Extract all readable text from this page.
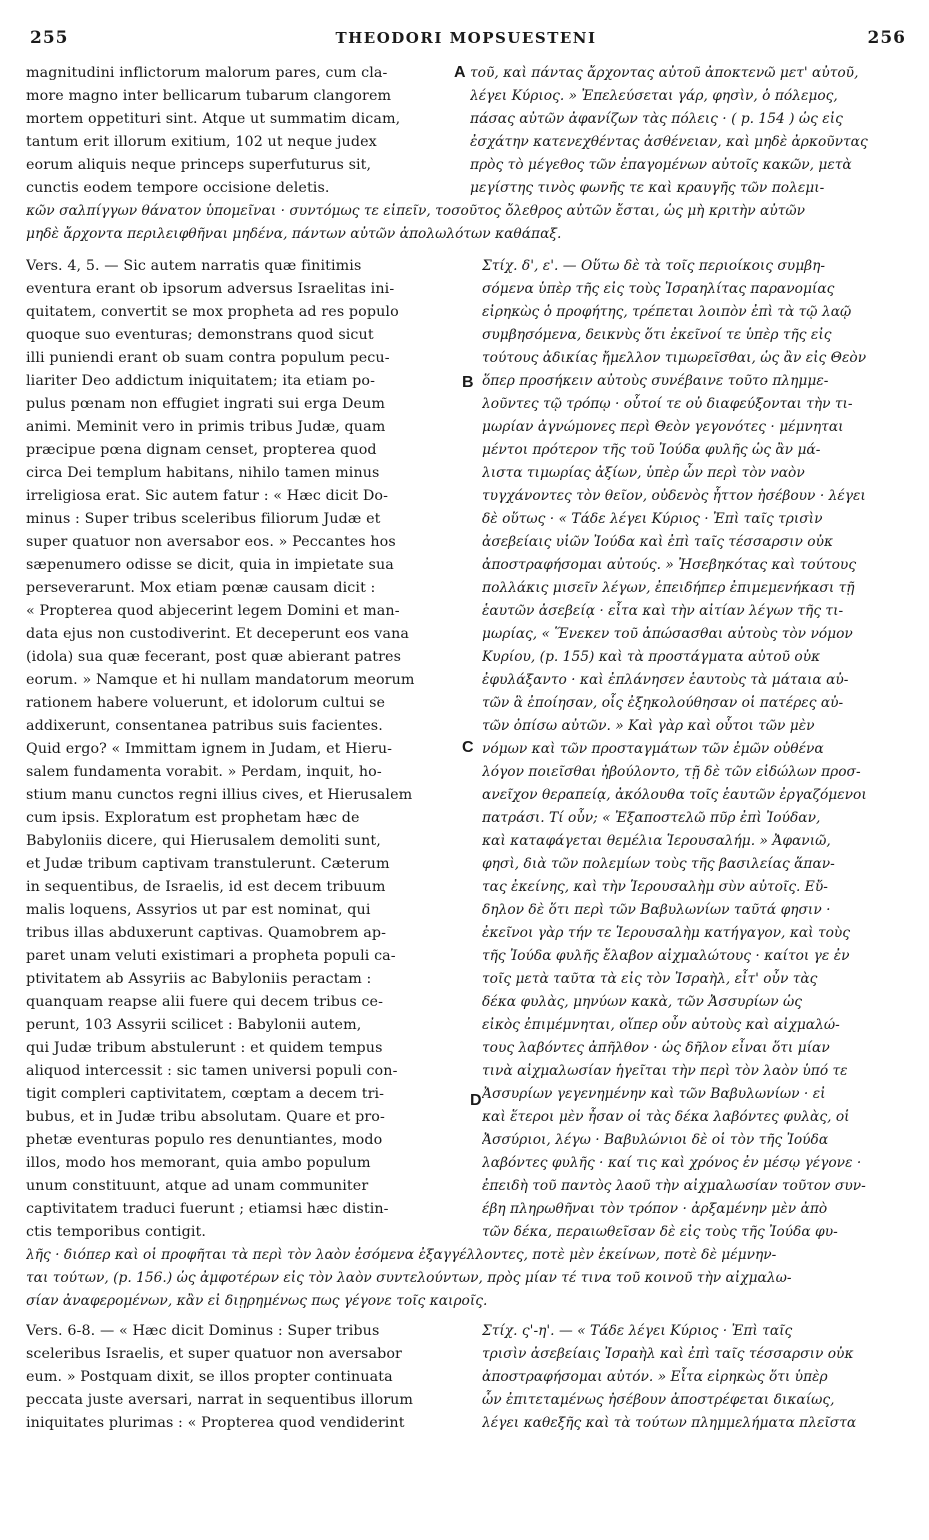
255	THEODORI MOPSUESTENI	256
magnitudini inflictorum malorum pares, cum cla-
more magno inter bellicarum tubarum clangorem
mortem oppetituri sint. Atque ut summatim dicam,
tantum erit illorum exitium, 102 ut neque judex
eorum aliquis neque princeps superfuturus sit,
cunctis eodem tempore occisione deletis.
τοῦ, καὶ πάντας ἄρχοντας αὐτοῦ ἀποκτενῶ μετ' αὐτοῦ,
λέγει Κύριος. » Ἐπελεύσεται γάρ, φησὶν, ὁ πόλεμος,
πάσας αὐτῶν ἀφανίζων τὰς πόλεις · ( p. 154 ) ὡς εἰς
ἐσχάτην κατενεχθέντας ἀσθένειαν, καὶ μηδὲ ἀρκοῦντας
πρὸς τὸ μέγεθος τῶν ἐπαγομένων αὐτοῖς κακῶν, μετὰ
μεγίστης τινὸς φωνῆς τε καὶ κραυγῆς τῶν πολεμι-
κῶν σαλπίγγων θάνατον ὑπομεῖναι · συντόμως τε εἰπεῖν, τοσοῦτος ὄλεθρος αὐτῶν ἔσται, ὡς μὴ κριτὴν αὐτῶν
μηδὲ ἄρχοντα περιλειφθῆναι μηδένα, πάντων αὐτῶν ἀπολωλότων καθάπαξ.
Vers. 4, 5. — Sic autem narratis quæ finitimis
eventura erant ob ipsorum adversus Israelitas ini-
quitatem, convertit se mox propheta ad res populo
quoque suo eventuras; demonstrans quod sicut
illi puniendi erant ob suam contra populum pecu-
liariter Deo addictum iniquitatem; ita etiam po-
pulus pœnam non effugiet ingrati sui erga Deum
animi. Meminit vero in primis tribus Judæ, quam
præcipue pœna dignam censet, propterea quod
circa Dei templum habitans, nihilo tamen minus
irreligiosa erat. Sic autem fatur : « Hæc dicit Do-
minus : Super tribus sceleribus filiorum Judæ et
super quatuor non aversabor eos. » Peccantes hos
sæpenumero odisse se dicit, quia in impietate sua
perseverarunt. Mox etiam pœnæ causam dicit :
« Propterea quod abjecerint legem Domini et man-
data ejus non custodiverint. Et deceperunt eos vana
(idola) sua quæ fecerant, post quæ abierant patres
eorum. » Namque et hi nullam mandatorum meorum
rationem habere voluerunt, et idolorum cultui se
addixerunt, consentanea patribus suis facientes.
Quid ergo? « Immittam ignem in Judam, et Hieru-
salem fundamenta vorabit. » Perdam, inquit, ho-
stium manu cunctos regni illius cives, et Hierusalem
cum ipsis. Exploratum est prophetam hæc de
Babyloniis dicere, qui Hierusalem demoliti sunt,
et Judæ tribum captivam transtulerunt. Cæterum
in sequentibus, de Israelis, id est decem tribuum
malis loquens, Assyrios ut par est nominat, qui
tribus illas abduxerunt captivas. Quamobrem ap-
paret unam veluti existimari a propheta populi ca-
ptivitatem ab Assyriis ac Babyloniis peractam :
quanquam reapse alii fuere qui decem tribus ce-
perunt, 103 Assyrii scilicet : Babylonii autem,
qui Judæ tribum abstulerunt : et quidem tempus
aliquod intercessit : sic tamen universi populi con-
tigit compleri captivitatem, cœptam a decem tri-
bubus, et in Judæ tribu absolutam. Quare et pro-
phetæ eventuras populo res denuntiantes, modo
illos, modo hos memorant, quia ambo populum
unum constituunt, atque ad unam communiter
captivitatem traduci fuerunt ; etiamsi hæc distin-
ctis temporibus contigit.
Στίχ. δ', ε'. — Οὕτω δὲ τὰ τοῖς περιοίκοις συμβη-
σόμενα ὑπὲρ τῆς εἰς τοὺς Ἰσραηλίτας παρανομίας
εἰρηκὼς ὁ προφήτης, τρέπεται λοιπὸν ἐπὶ τὰ τῷ λαῷ
συμβησόμενα, δεικνὺς ὅτι ἐκεῖνοί τε ὑπὲρ τῆς εἰς
τούτους ἀδικίας ἤμελλον τιμωρεῖσθαι, ὡς ἂν εἰς Θεὸν
ὅπερ προσήκειν αὐτοὺς συνέβαινε τοῦτο πλημμε-
λοῦντες τῷ τρόπῳ · οὗτοί τε οὐ διαφεύξονται τὴν τι-
μωρίαν ἀγνώμονες περὶ Θεὸν γεγονότες · μέμνηται
μέντοι πρότερον τῆς τοῦ Ἰούδα φυλῆς ὡς ἂν μά-
λιστα τιμωρίας ἀξίων, ὑπὲρ ὧν περὶ τὸν ναὸν
τυγχάνοντες τὸν θεῖον, οὐδενὸς ἧττον ἠσέβουν · λέγει
δὲ οὕτως · « Τάδε λέγει Κύριος · Ἐπὶ ταῖς τρισὶν
ἀσεβείαις υἱῶν Ἰούδα καὶ ἐπὶ ταῖς τέσσαρσιν οὐκ
ἀποστραφήσομαι αὐτούς. » Ἠσεβηκότας καὶ τούτους
πολλάκις μισεῖν λέγων, ἐπειδήπερ ἐπιμεμενήκασι τῇ
ἑαυτῶν ἀσεβείᾳ · εἶτα καὶ τὴν αἰτίαν λέγων τῆς τι-
μωρίας, « Ἕνεκεν τοῦ ἀπώσασθαι αὐτοὺς τὸν νόμον
Κυρίου, (p. 155) καὶ τὰ προστάγματα αὐτοῦ οὐκ
ἐφυλάξαντο · καὶ ἐπλάνησεν ἑαυτοὺς τὰ μάταια αὐ-
τῶν ἃ ἐποίησαν, οἷς ἐξηκολούθησαν οἱ πατέρες αὐ-
τῶν ὀπίσω αὐτῶν. » Καὶ γὰρ καὶ οὗτοι τῶν μὲν
νόμων καὶ τῶν προσταγμάτων τῶν ἐμῶν οὐθένα
λόγον ποιεῖσθαι ἠβούλοντο, τῇ δὲ τῶν εἰδώλων προσ-
ανεῖχον θεραπείᾳ, ἀκόλουθα τοῖς ἑαυτῶν ἐργαζόμενοι
πατράσι. Τί οὖν; « Ἐξαποστελῶ πῦρ ἐπὶ Ἰούδαν,
καὶ καταφάγεται θεμέλια Ἱερουσαλήμ. » Ἀφανιῶ,
φησὶ, διὰ τῶν πολεμίων τοὺς τῆς βασιλείας ἅπαν-
τας ἐκείνης, καὶ τὴν Ἱερουσαλὴμ σὺν αὐτοῖς. Εὔ-
δηλον δὲ ὅτι περὶ τῶν Βαβυλωνίων ταῦτά φησιν ·
ἐκεῖνοι γὰρ τήν τε Ἱερουσαλὴμ κατήγαγον, καὶ τοὺς
τῆς Ἰούδα φυλῆς ἔλαβον αἰχμαλώτους · καίτοι γε ἐν
τοῖς μετὰ ταῦτα τὰ εἰς τὸν Ἰσραὴλ, εἶτ' οὖν τὰς
δέκα φυλὰς, μηνύων κακὰ, τῶν Ἀσσυρίων ὡς
εἰκὸς ἐπιμέμνηται, οἵπερ οὖν αὐτοὺς καὶ αἰχμαλώ-
τους λαβόντες ἀπῆλθον · ὡς δῆλον εἶναι ὅτι μίαν
τινὰ αἰχμαλωσίαν ἡγεῖται τὴν περὶ τὸν λαὸν ὑπό τε
Ἀσσυρίων γεγενημένην καὶ τῶν Βαβυλωνίων · εἰ
καὶ ἕτεροι μὲν ἦσαν οἱ τὰς δέκα λαβόντες φυλὰς, οἱ
Ἀσσύριοι, λέγω · Βαβυλώνιοι δὲ οἱ τὸν τῆς Ἰούδα
λαβόντες φυλῆς · καί τις καὶ χρόνος ἐν μέσῳ γέγονε ·
ἐπειδὴ τοῦ παντὸς λαοῦ τὴν αἰχμαλωσίαν τοῦτον συν-
έβη πληρωθῆναι τὸν τρόπον · ἀρξαμένην μὲν ἀπὸ
τῶν δέκα, περαιωθεῖσαν δὲ εἰς τοὺς τῆς Ἰούδα φυ-
λῆς · διόπερ καὶ οἱ προφῆται τὰ περὶ τὸν λαὸν ἐσόμενα ἐξαγγέλλοντες, ποτὲ μὲν ἐκείνων, ποτὲ δὲ μέμνην-
ται τούτων, (p. 156.) ὡς ἀμφοτέρων εἰς τὸν λαὸν συντελούντων, πρὸς μίαν τέ τινα τοῦ κοινοῦ τὴν αἰχμαλω-
σίαν ἀναφερομένων, κἂν εἰ διῃρημένως πως γέγονε τοῖς καιροῖς.
Vers. 6-8. — « Hæc dicit Dominus : Super tribus
sceleribus Israelis, et super quatuor non aversabor
eum. » Postquam dixit, se illos propter continuata
peccata juste aversari, narrat in sequentibus illorum
iniquitates plurimas : « Propterea quod vendiderint
Στίχ. ς'-η'. — « Τάδε λέγει Κύριος · Ἐπὶ ταῖς
τρισὶν ἀσεβείαις Ἰσραὴλ καὶ ἐπὶ ταῖς τέσσαρσιν οὐκ
ἀποστραφήσομαι αὐτόν. » Εἶτα εἰρηκὼς ὅτι ὑπὲρ
ὧν ἐπιτεταμένως ἠσέβουν ἀποστρέφεται δικαίως,
λέγει καθεξῆς καὶ τὰ τούτων πλημμελήματα πλεῖστα
A
B
C
D
